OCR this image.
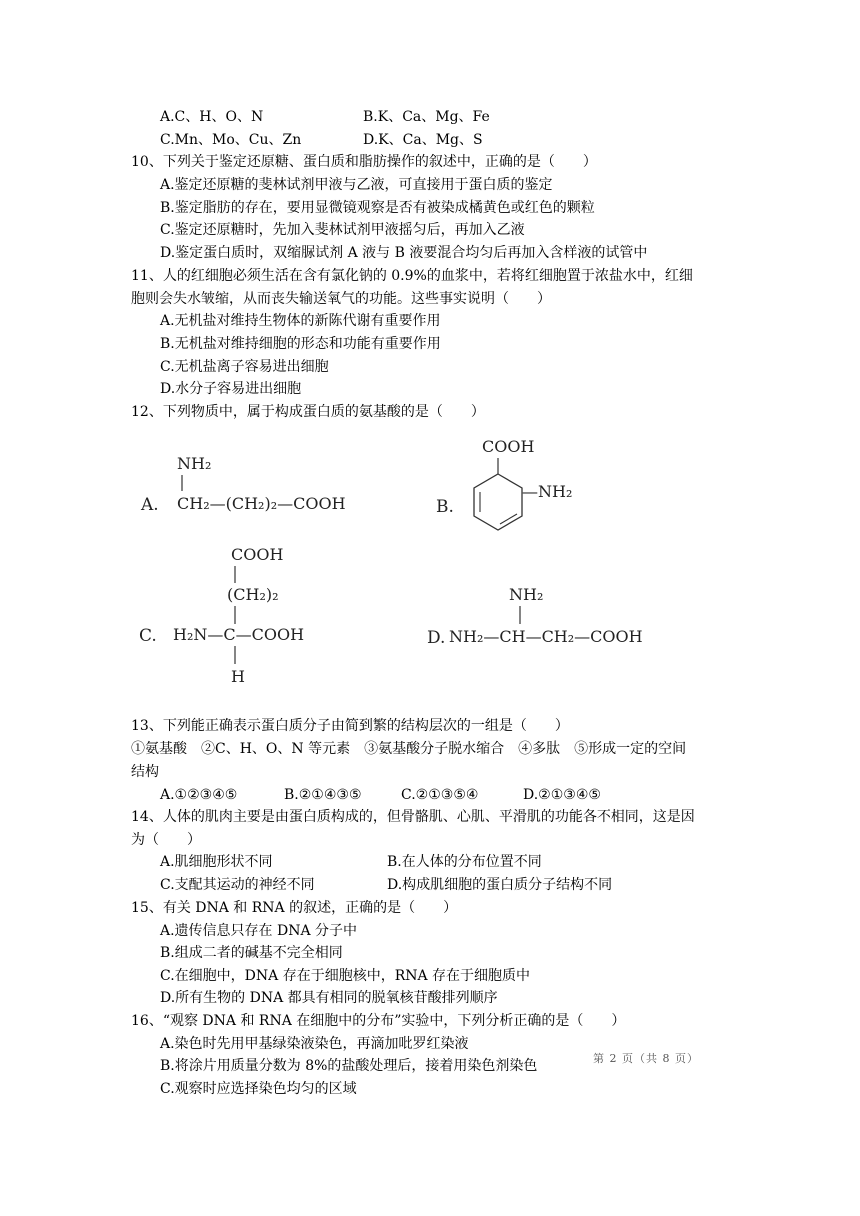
A.C、H、O、N	B.K、Ca、Mg、Fe
C.Mn、Mo、Cu、Zn	D.K、Ca、Mg、S
10、下列关于鉴定还原糖、蛋白质和脂肪操作的叙述中，正确的是（　　）
A.鉴定还原糖的斐林试剂甲液与乙液，可直接用于蛋白质的鉴定
B.鉴定脂肪的存在，要用显微镜观察是否有被染成橘黄色或红色的颗粒
C.鉴定还原糖时，先加入斐林试剂甲液摇匀后，再加入乙液
D.鉴定蛋白质时，双缩脲试剂 A 液与 B 液要混合均匀后再加入含样液的试管中
11、人的红细胞必须生活在含有氯化钠的 0.9%的血浆中，若将红细胞置于浓盐水中，红细
胞则会失水皱缩，从而丧失输送氧气的功能。这些事实说明（　　）
A.无机盐对维持生物体的新陈代谢有重要作用
B.无机盐对维持细胞的形态和功能有重要作用
C.无机盐离子容易进出细胞
D.水分子容易进出细胞
12、下列物质中，属于构成蛋白质的氨基酸的是（　　）
A.
NH₂
CH₂—(CH₂)₂—COOH	B.
COOH
—NH₂
C.
COOH
(CH₂)₂
H₂N—C—COOH
H
D.
NH₂
NH₂—CH—CH₂—COOH
13、下列能正确表示蛋白质分子由简到繁的结构层次的一组是（　　）
①氨基酸　②C、H、O、N 等元素　③氨基酸分子脱水缩合　④多肽　⑤形成一定的空间
结构
A.①②③④⑤	B.②①④③⑤	C.②①③⑤④	D.②①③④⑤
14、人体的肌肉主要是由蛋白质构成的，但骨骼肌、心肌、平滑肌的功能各不相同，这是因
为（　　）
A.肌细胞形状不同	B.在人体的分布位置不同
C.支配其运动的神经不同	D.构成肌细胞的蛋白质分子结构不同
15、有关 DNA 和 RNA 的叙述，正确的是（　　）
A.遗传信息只存在 DNA 分子中
B.组成二者的碱基不完全相同
C.在细胞中，DNA 存在于细胞核中，RNA 存在于细胞质中
D.所有生物的 DNA 都具有相同的脱氧核苷酸排列顺序
16、“观察 DNA 和 RNA 在细胞中的分布”实验中，下列分析正确的是（　　）
A.染色时先用甲基绿染液染色，再滴加吡罗红染液
B.将涂片用质量分数为 8%的盐酸处理后，接着用染色剂染色
C.观察时应选择染色均匀的区域
第 2 页（共 8 页）
